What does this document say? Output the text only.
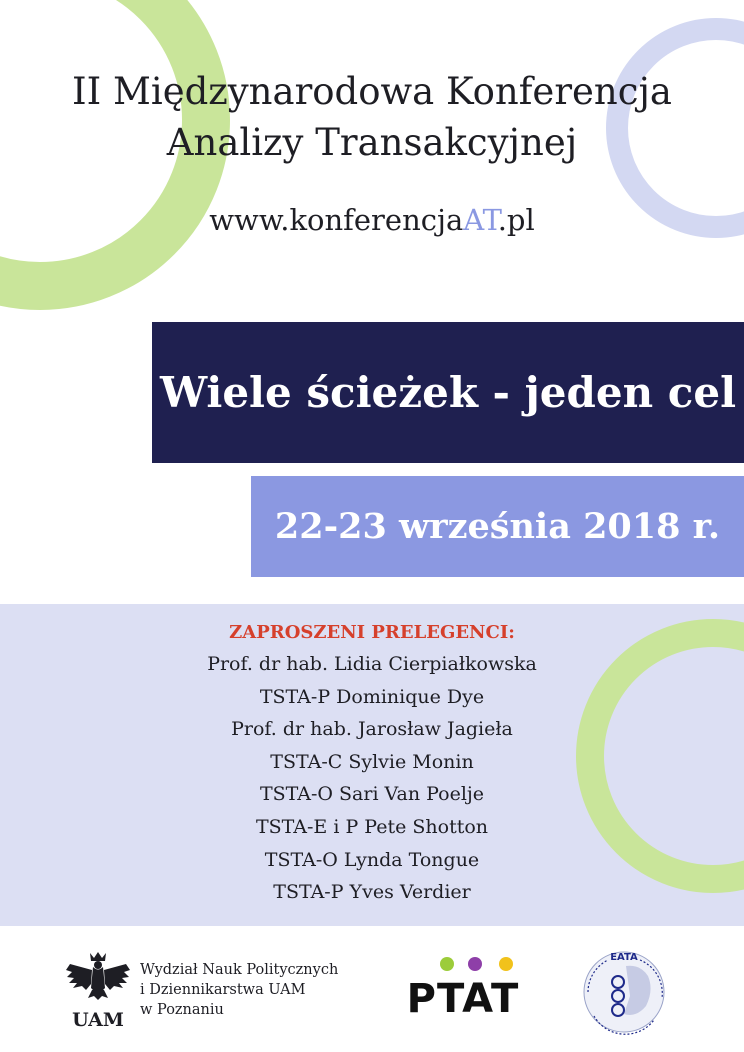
II Międzynarodowa Konferencja
Analizy Transakcyjnej
www.konferencjaAT.pl
Wiele ścieżek - jeden cel
22-23 września 2018 r.
ZAPROSZENI PRELEGENCI:
Prof. dr hab. Lidia Cierpiałkowska
TSTA-P Dominique Dye
Prof. dr hab. Jarosław Jagieła
TSTA-C Sylvie Monin
TSTA-O Sari Van Poelje
TSTA-E i P Pete Shotton
TSTA-O Lynda Tongue
TSTA-P Yves Verdier
UAM
Wydział Nauk Politycznych
i Dziennikarstwa UAM
w Poznaniu	PTAT
EATA
